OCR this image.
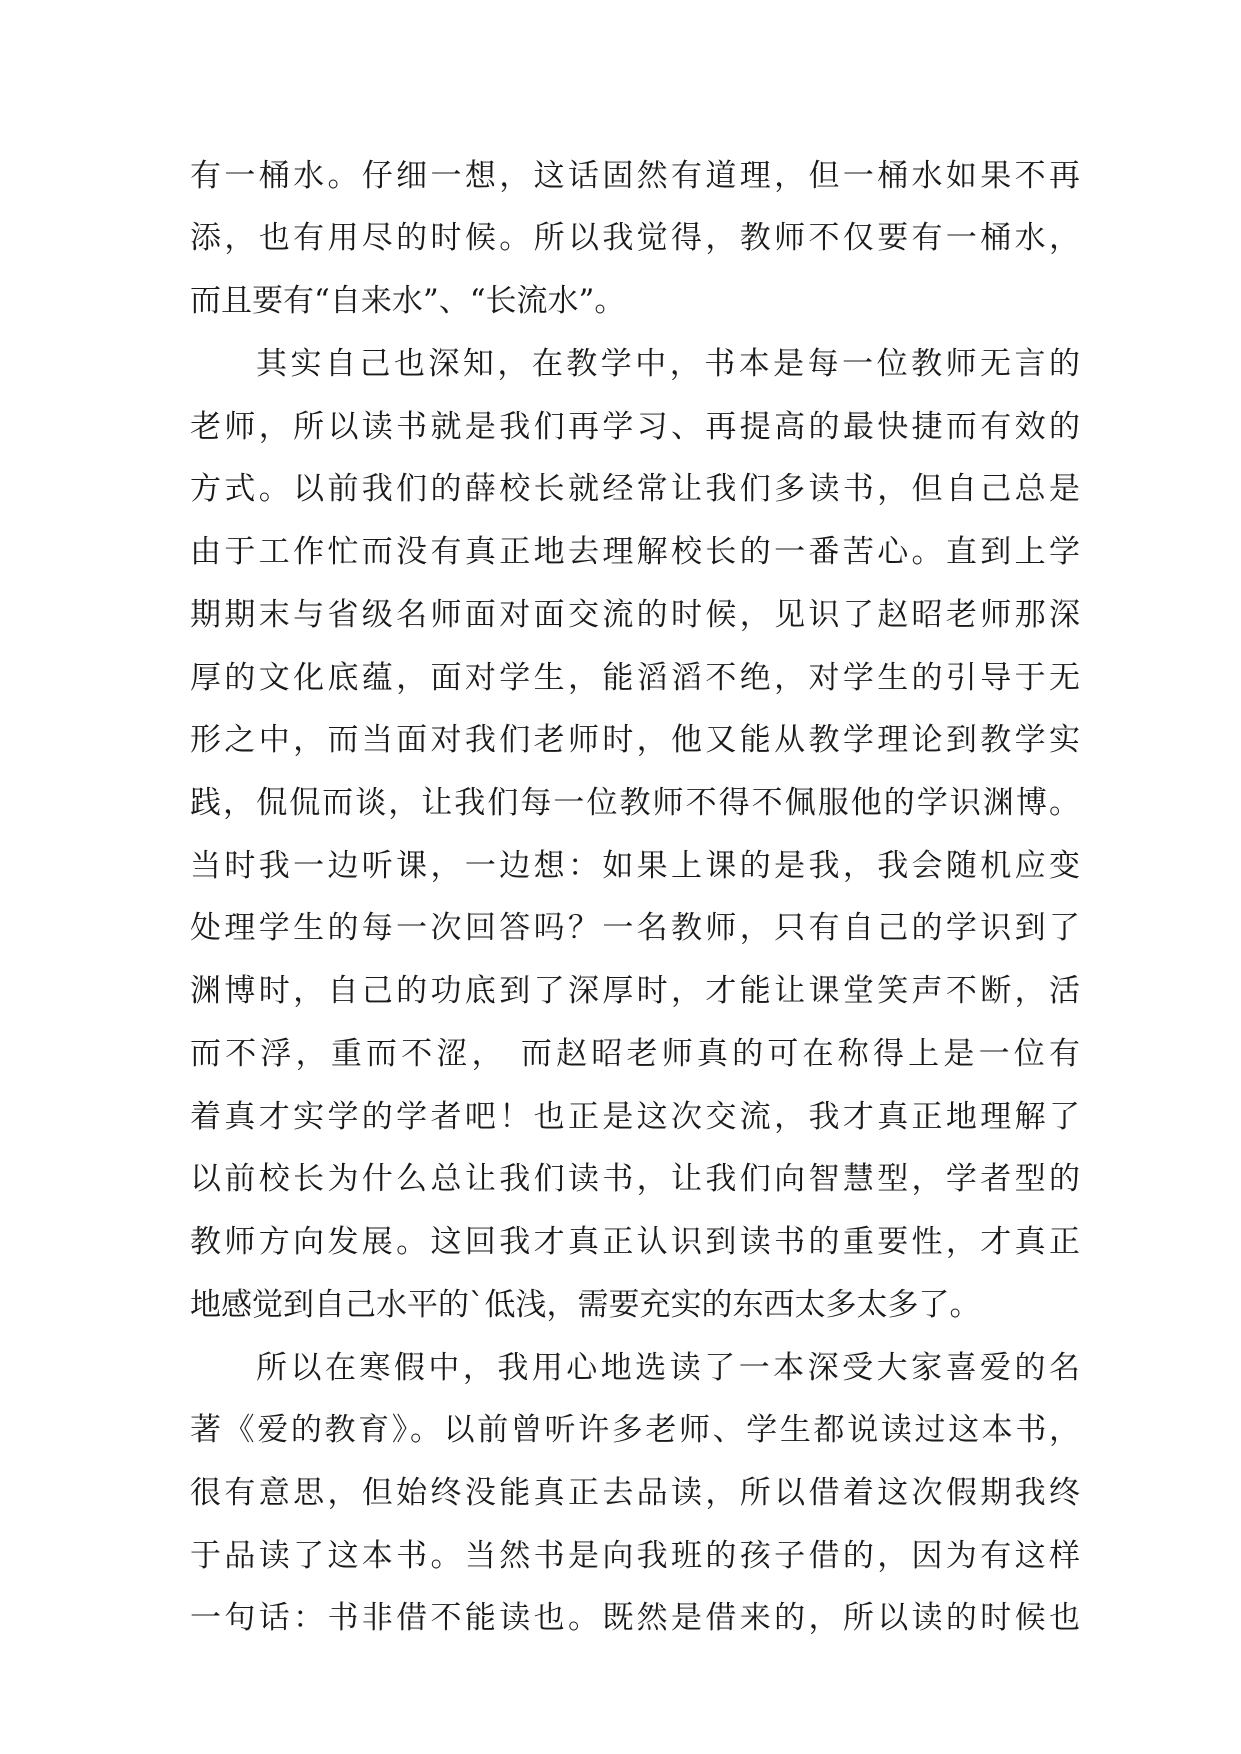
有一桶水。仔细一想，这话固然有道理，但一桶水如果不再
添，也有用尽的时候。所以我觉得，教师不仅要有一桶水，
而且要有“自来水”、“长流水”。
其实自己也深知，在教学中，书本是每一位教师无言的
老师，所以读书就是我们再学习、再提高的最快捷而有效的
方式。以前我们的薛校长就经常让我们多读书，但自己总是
由于工作忙而没有真正地去理解校长的一番苦心。直到上学
期期末与省级名师面对面交流的时候，见识了赵昭老师那深
厚的文化底蕴，面对学生，能滔滔不绝，对学生的引导于无
形之中，而当面对我们老师时，他又能从教学理论到教学实
践，侃侃而谈，让我们每一位教师不得不佩服他的学识渊博。
当时我一边听课，一边想：如果上课的是我，我会随机应变
处理学生的每一次回答吗？一名教师，只有自己的学识到了
渊博时，自己的功底到了深厚时，才能让课堂笑声不断，活
而不浮，重而不涩， 而赵昭老师真的可在称得上是一位有
着真才实学的学者吧！也正是这次交流，我才真正地理解了
以前校长为什么总让我们读书，让我们向智慧型，学者型的
教师方向发展。这回我才真正认识到读书的重要性，才真正
地感觉到自己水平的`低浅，需要充实的东西太多太多了。
所以在寒假中，我用心地选读了一本深受大家喜爱的名
著《爱的教育》。以前曾听许多老师、学生都说读过这本书，
很有意思，但始终没能真正去品读，所以借着这次假期我终
于品读了这本书。当然书是向我班的孩子借的，因为有这样
一句话：书非借不能读也。既然是借来的，所以读的时候也
